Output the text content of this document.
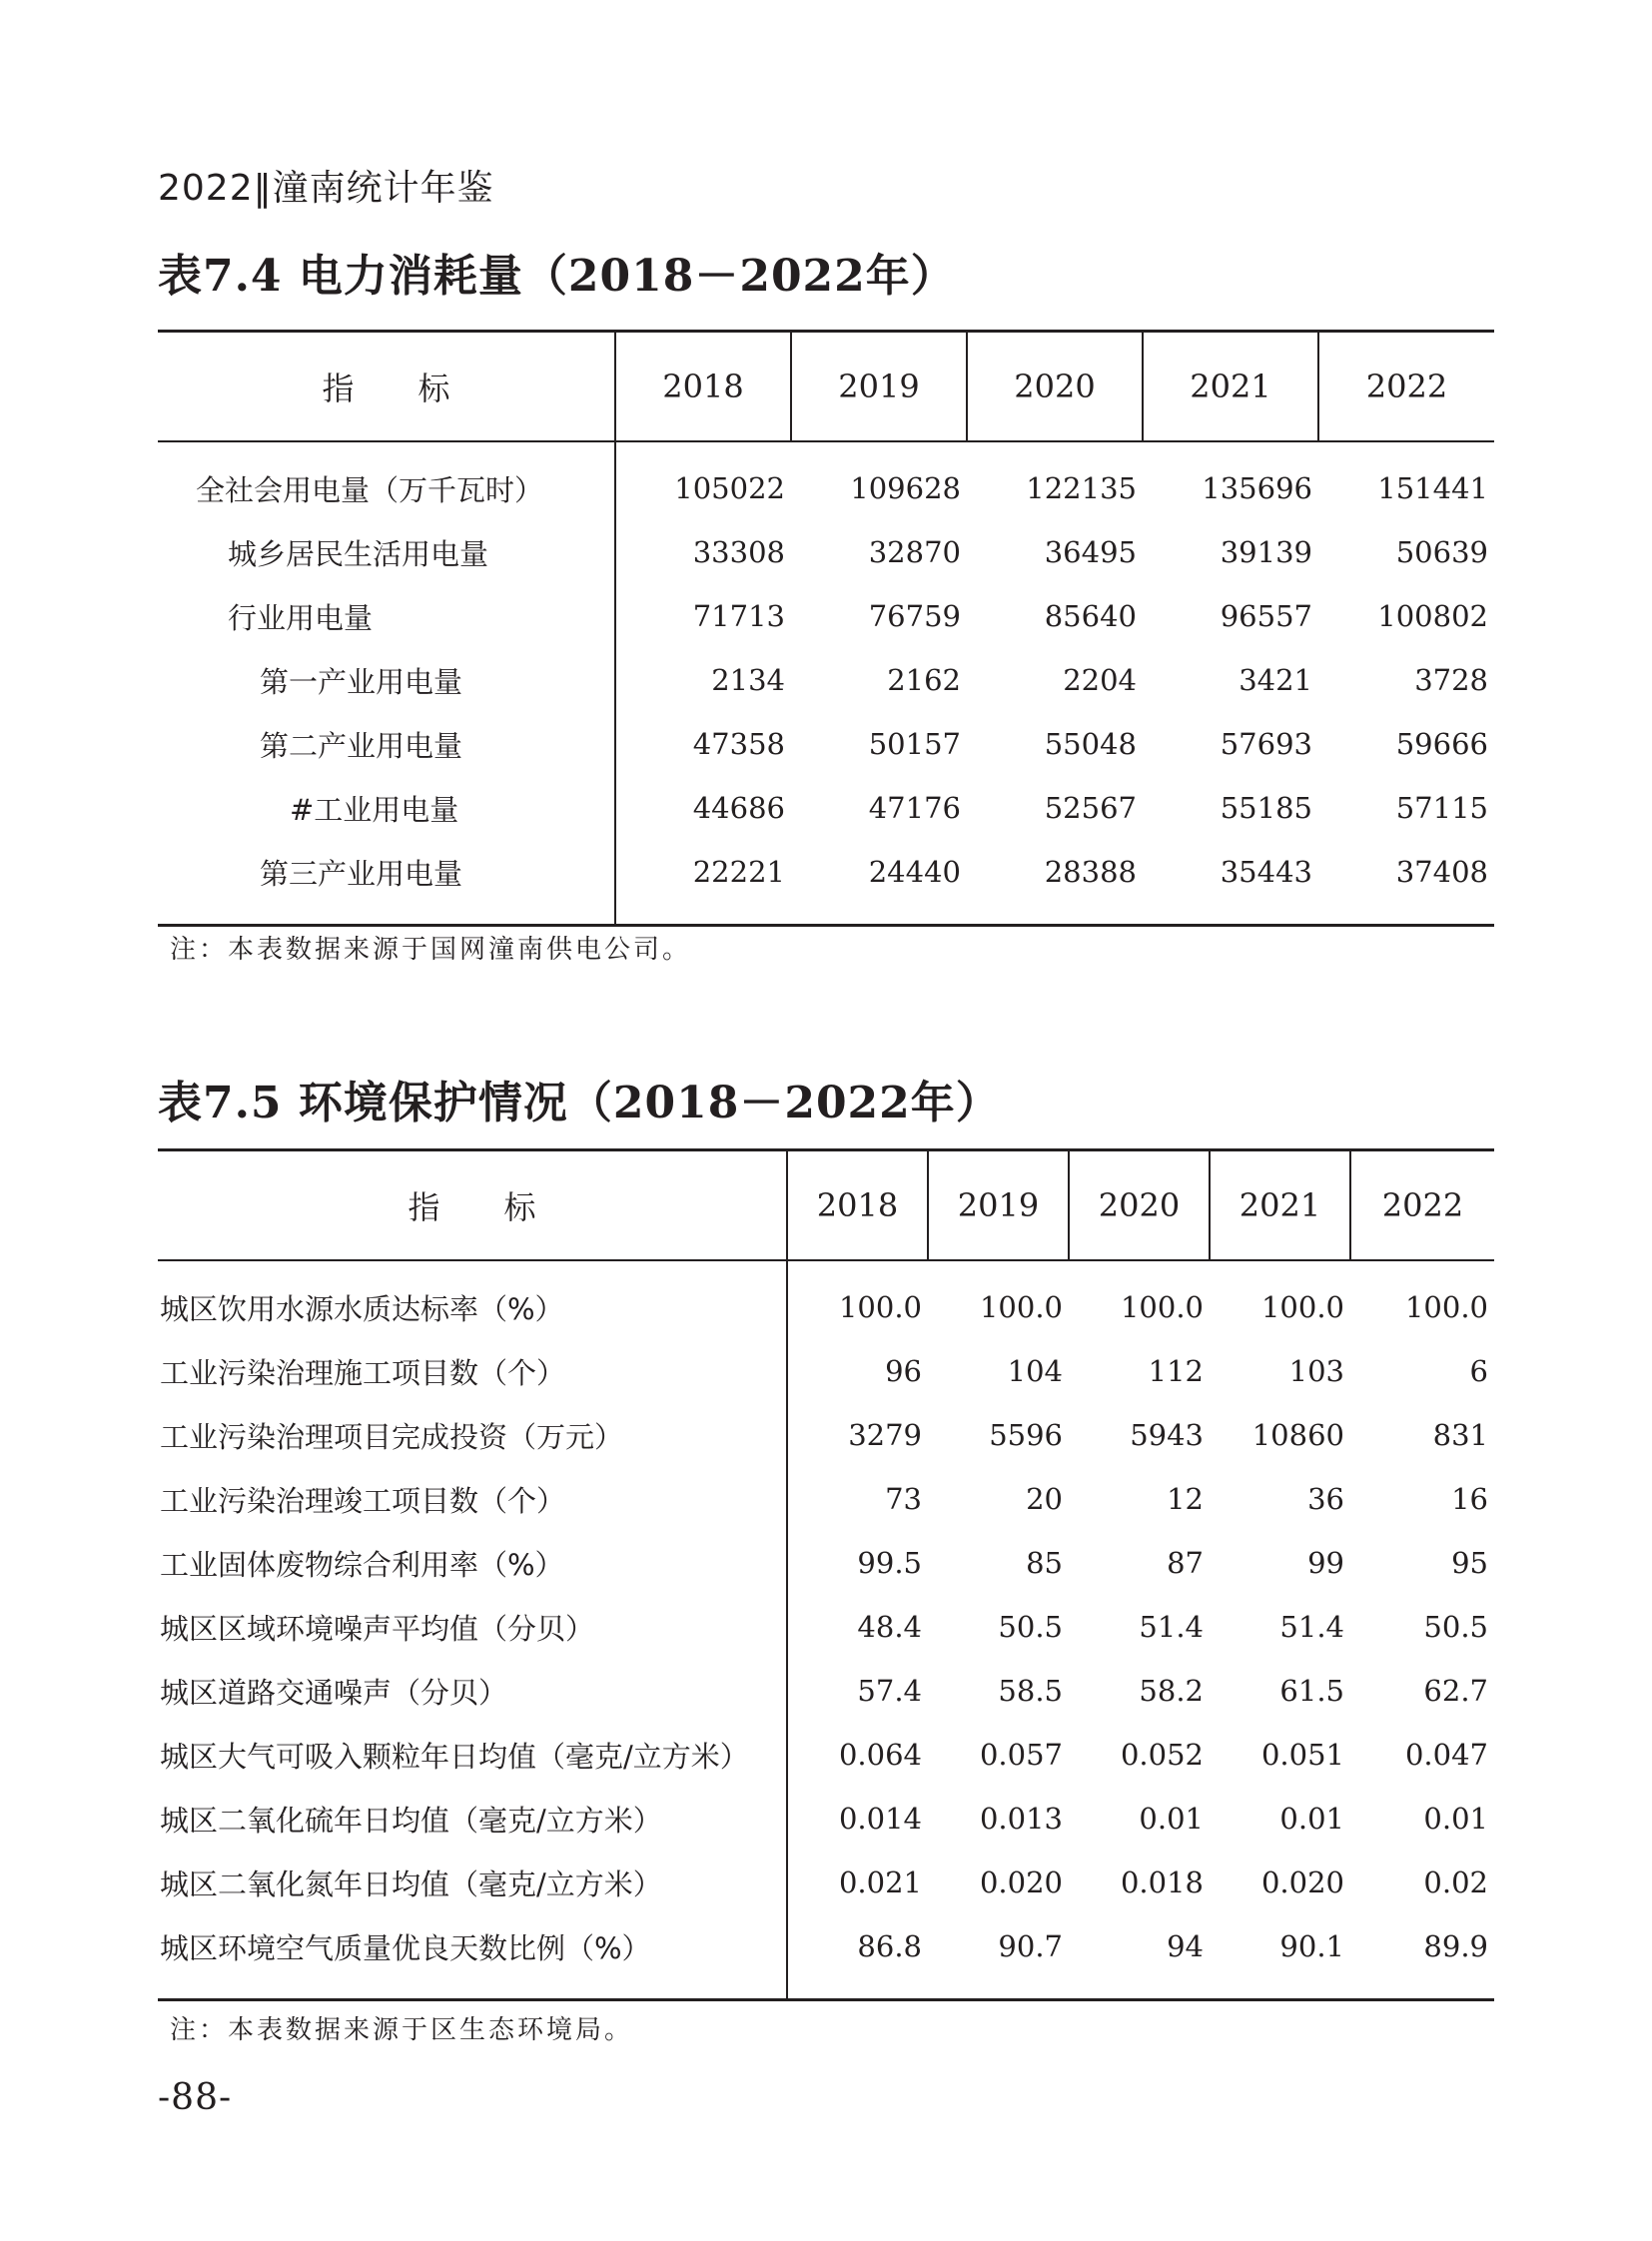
2022‖潼南统计年鉴
表7.4 电力消耗量（2018－2022年）
指　　标	2018	2019	2020	2021	2022
全社会用电量（万千瓦时）	105022	109628	122135	135696	151441
城乡居民生活用电量	33308	32870	36495	39139	50639
行业用电量	71713	76759	85640	96557	100802
第一产业用电量	2134	2162	2204	3421	3728
第二产业用电量	47358	50157	55048	57693	59666
#工业用电量	44686	47176	52567	55185	57115
第三产业用电量	22221	24440	28388	35443	37408
注：本表数据来源于国网潼南供电公司。
表7.5 环境保护情况（2018－2022年）
指　　标	2018	2019	2020	2021	2022
城区饮用水源水质达标率（%）	100.0	100.0	100.0	100.0	100.0
工业污染治理施工项目数（个）	96	104	112	103	6
工业污染治理项目完成投资（万元）	3279	5596	5943	10860	831
工业污染治理竣工项目数（个）	73	20	12	36	16
工业固体废物综合利用率（%）	99.5	85	87	99	95
城区区域环境噪声平均值（分贝）	48.4	50.5	51.4	51.4	50.5
城区道路交通噪声（分贝）	57.4	58.5	58.2	61.5	62.7
城区大气可吸入颗粒年日均值（毫克/立方米）	0.064	0.057	0.052	0.051	0.047
城区二氧化硫年日均值（毫克/立方米）	0.014	0.013	0.01	0.01	0.01
城区二氧化氮年日均值（毫克/立方米）	0.021	0.020	0.018	0.020	0.02
城区环境空气质量优良天数比例（%）	86.8	90.7	94	90.1	89.9
注：本表数据来源于区生态环境局。
-88-
